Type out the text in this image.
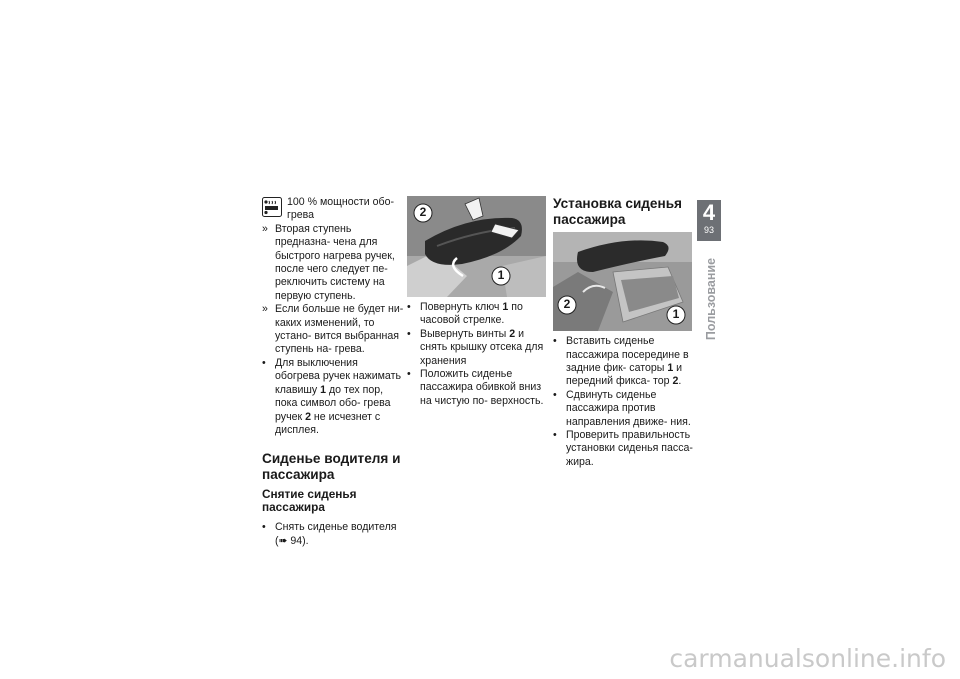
100 % мощности обо- грева
» Вторая ступень предназна- чена для быстрого нагрева ручек, после чего следует пе- реключить систему на первую ступень.
» Если больше не будет ни- каких изменений, то устано- вится выбранная ступень на- грева.
• Для выключения обогрева ручек нажимать клавишу 1 до тех пор, пока символ обо- грева ручек 2 не исчезнет с дисплея.
Сиденье водителя и пассажира
Снятие сиденья пассажира
• Снять сиденье водителя
(➠ 94).
2
1
• Повернуть ключ 1 по часовой стрелке.
• Вывернуть винты 2 и снять крышку отсека для хранения
• Положить сиденье пассажира обивкой вниз на чистую по- верхность.
Установка сиденья пассажира
2
1
• Вставить сиденье пассажира посередине в задние фик- саторы 1 и передний фикса- тор 2.
• Сдвинуть сиденье пассажира против направления движе- ния.
• Проверить правильность установки сиденья пасса- жира.
4
93
Пользование
carmanualsonline.info
